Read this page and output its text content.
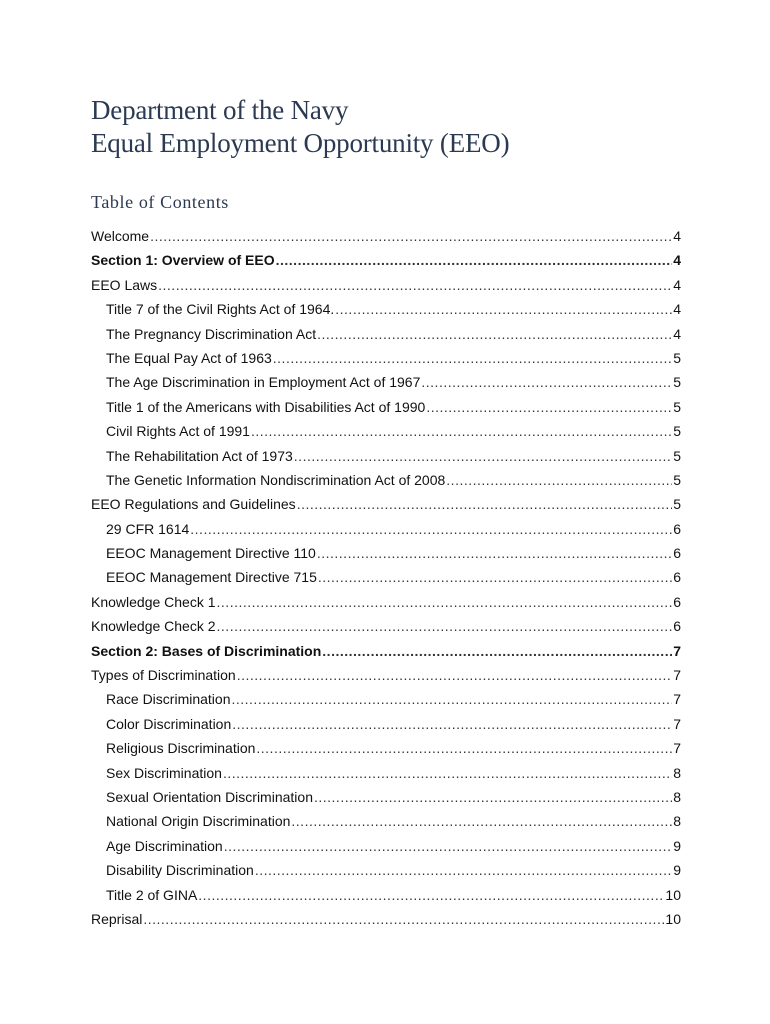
Department of the Navy
Equal Employment Opportunity (EEO)
Table of Contents
Welcome .....	4
Section 1: Overview of EEO .....	4
EEO Laws .....	4
Title 7 of the Civil Rights Act of 1964. .....	4
The Pregnancy Discrimination Act .....	4
The Equal Pay Act of 1963 .....	5
The Age Discrimination in Employment Act of 1967 .....	5
Title 1 of the Americans with Disabilities Act of 1990 .....	5
Civil Rights Act of 1991 .....	5
The Rehabilitation Act of 1973 .....	5
The Genetic Information Nondiscrimination Act of 2008 .....	5
EEO Regulations and Guidelines .....	5
29 CFR 1614 .....	6
EEOC Management Directive 110 .....	6
EEOC Management Directive 715 .....	6
Knowledge Check 1 .....	6
Knowledge Check 2 .....	6
Section 2: Bases of Discrimination .....	7
Types of Discrimination .....	7
Race Discrimination .....	7
Color Discrimination .....	7
Religious Discrimination .....	7
Sex Discrimination .....	8
Sexual Orientation Discrimination .....	8
National Origin Discrimination .....	8
Age Discrimination .....	9
Disability Discrimination .....	9
Title 2 of GINA .....	10
Reprisal .....	10
